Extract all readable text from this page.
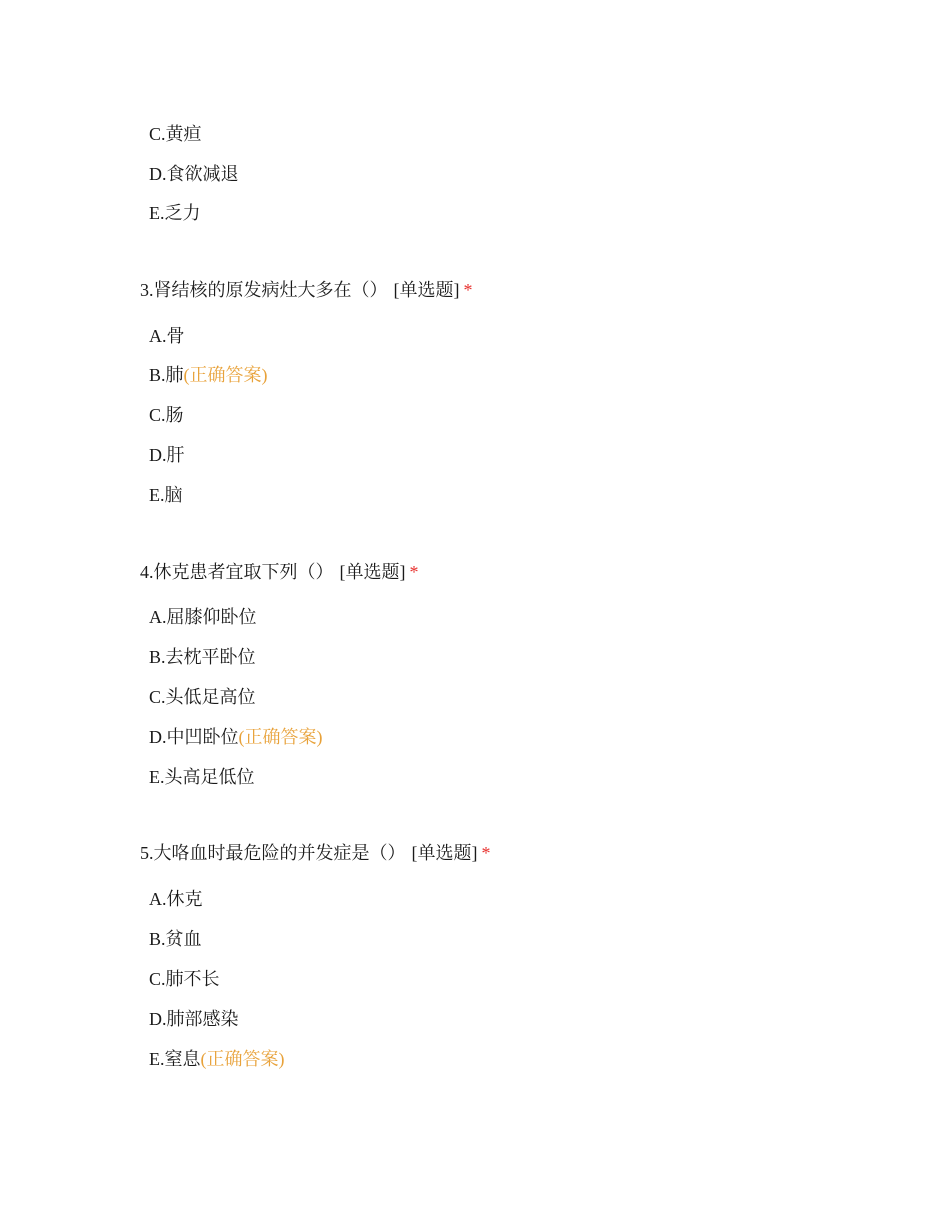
C.黄疸
D.食欲减退
E.乏力
3.肾结核的原发病灶大多在（） [单选题] *
A.骨
B.肺(正确答案)
C.肠
D.肝
E.脑
4.休克患者宜取下列（） [单选题] *
A.屈膝仰卧位
B.去枕平卧位
C.头低足高位
D.中凹卧位(正确答案)
E.头高足低位
5.大咯血时最危险的并发症是（） [单选题] *
A.休克
B.贫血
C.肺不长
D.肺部感染
E.窒息(正确答案)
